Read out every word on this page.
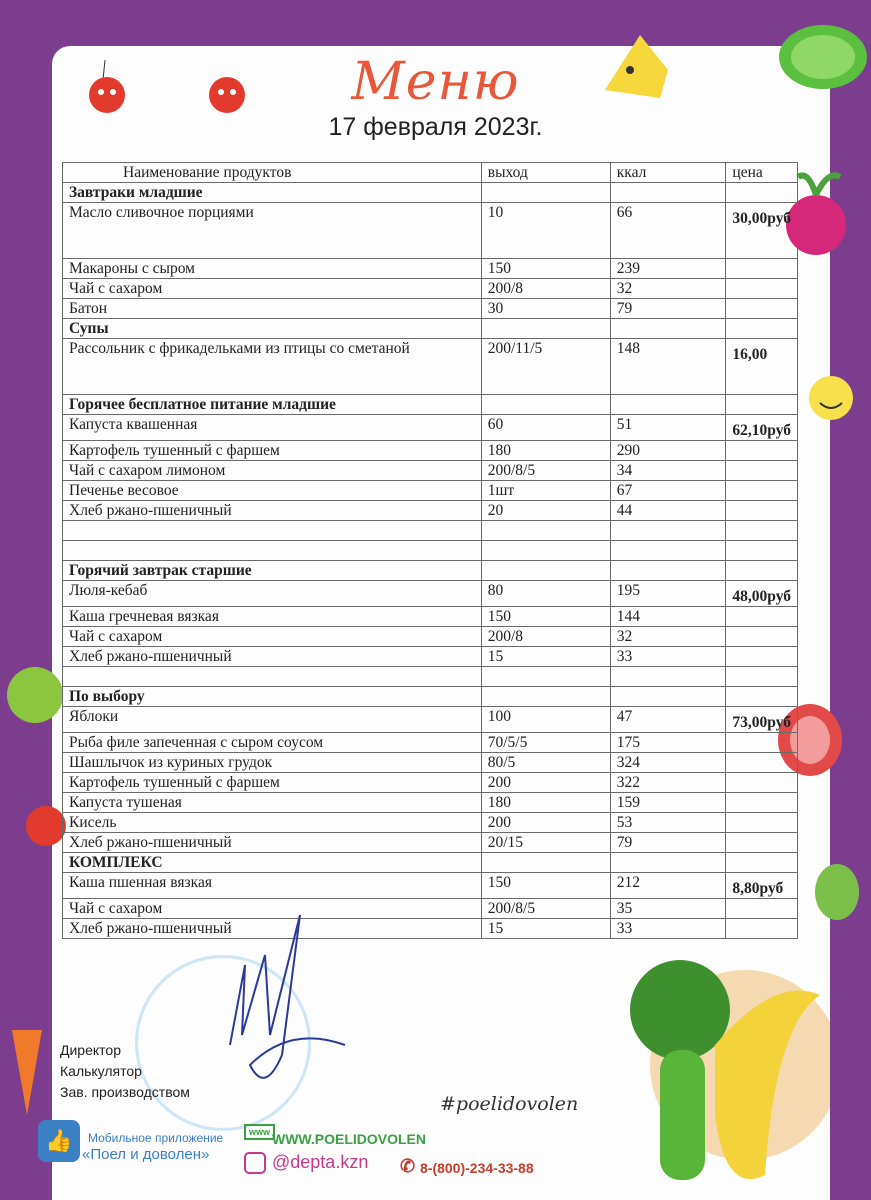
Меню
17 февраля 2023г.
Наименование продуктов	выход	ккал	цена
Завтраки младшие			
Масло сливочное порциями	10	66	30,00руб
Макароны с сыром	150	239	
Чай с сахаром	200/8	32	
Батон	30	79	
Супы			
Рассольник с фрикадельками из птицы со сметаной	200/11/5	148	16,00
Горячее бесплатное питание младшие			
Капуста квашенная	60	51	62,10руб
Картофель тушенный с фаршем	180	290	
Чай с сахаром лимоном	200/8/5	34	
Печенье весовое	1шт	67	
Хлеб ржано-пшеничный	20	44	

Горячий завтрак старшие			
Люля-кебаб	80	195	48,00руб
Каша гречневая вязкая	150	144	
Чай с сахаром	200/8	32	
Хлеб ржано-пшеничный	15	33	

По выбору			
Яблоки	100	47	73,00руб
Рыба филе запеченная с сыром соусом	70/5/5	175	
Шашлычок из куриных грудок	80/5	324	
Картофель тушенный с фаршем	200	322	
Капуста тушеная	180	159	
Кисель	200	53	
Хлеб ржано-пшеничный	20/15	79	
КОМПЛЕКС			
Каша пшенная вязкая	150	212	8,80руб
Чай с сахаром	200/8/5	35	
Хлеб ржано-пшеничный	15	33	
Директор
Калькулятор
Зав. производством
#poelidovolen
👍	Мобильное приложение
«Поел и доволен»
www WWW.POELIDOVOLEN
@depta.kzn ✆ 8-(800)-234-33-88
